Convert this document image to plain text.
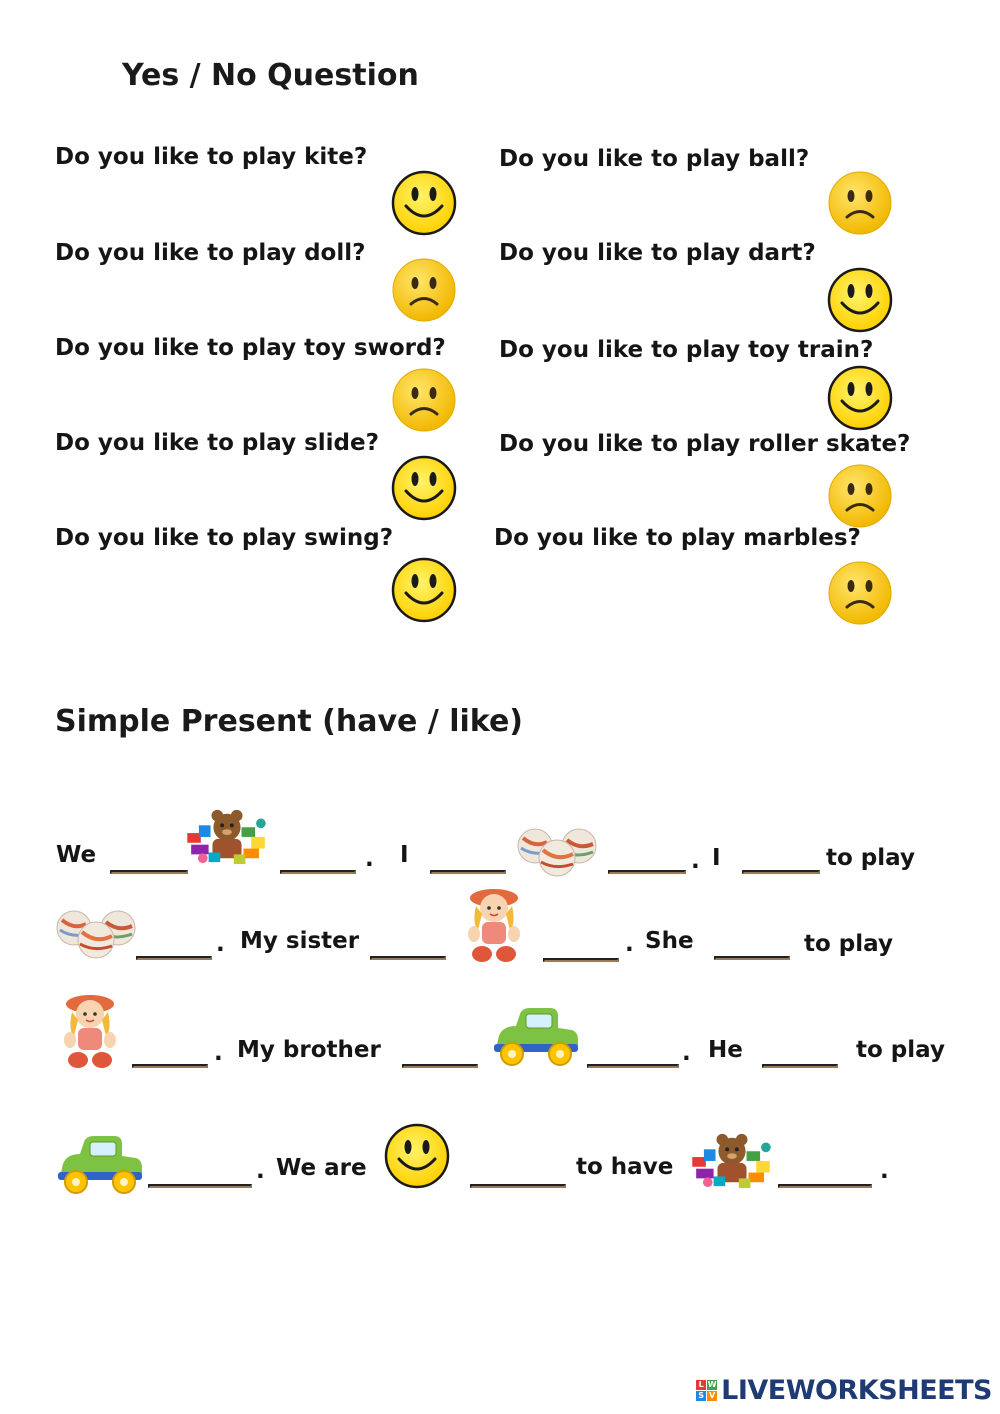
Yes / No Question
Do you like to play kite?
Do you like to play doll?
Do you like to play toy sword?
Do you like to play slide?
Do you like to play swing?
Do you like to play ball?
Do you like to play dart?
Do you like to play toy train?
Do you like to play roller skate?
Do you like to play marbles?
Simple Present (have / like)
We	. I	. I	to play
. My sister	. She	to play
. My brother	. He	to play
. We are	to have	.
L W
S V LIVEWORKSHEETS
